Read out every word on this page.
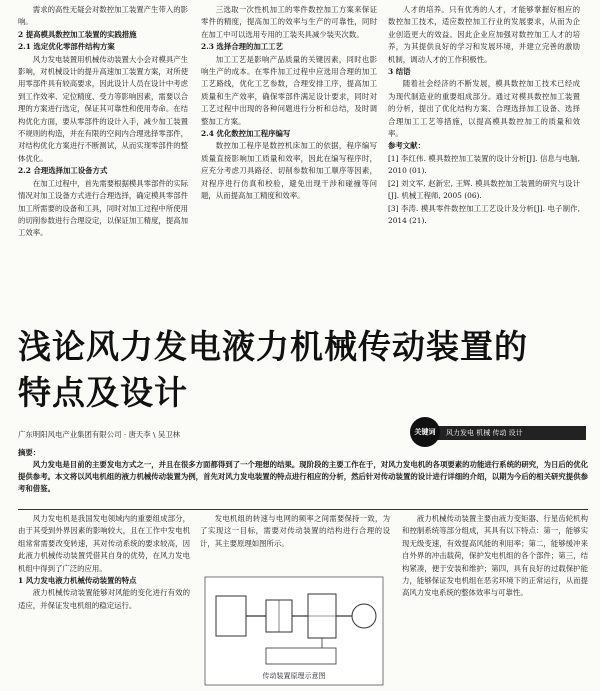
需求的高性无疑会对数控加工装置产生带入的影响。

2 提高模具数控加工装置的实践措施

2.1 选定优化零部件结构方案

风力发电装置用机械传动装置大小会对模具产生影响，对机械设计的提升高速加工装置方案，对所使用零部件具有较高要求，因此设计人员在设计中考虑到工作效率、定位精度、受力等影响因素，需要以合理的方案进行选定，保证其可靠性和使用寿命。在结构优化方面，要从零部件的设计入手，减少加工装置不规则的构造，并在有限的空间内合理选择零部件，对结构优化方案进行不断测试，从而实现零部件的整体优化。

2.2 合理选择加工设备方式

在加工过程中，首先需要根据模具零部件的实际情况对加工设备方式进行合理选择，确定模具零部件加工所需要的设备和工具，同时对加工过程中所使用的切削参数进行合理设定，以保证加工精度，提高加工效率。

三选取一次性机加工的零件数控加工方案来保证零件的精度，提高加工的效率与生产的可靠性，同时在加工中可以选用专用的工装夹具减少装夹次数。

2.3 选择合理的加工工艺

加工工艺是影响产品质量的关键因素，同时也影响生产的成本。在零件加工过程中应选用合理的加工工艺路线，优化工艺参数，合理安排工序，提高加工质量和生产效率，确保零部件满足设计要求，同时对工艺过程中出现的各种问题进行分析和总结，及时调整加工方案。

2.4 优化数控加工程序编写

数控加工程序是数控机床加工的依据，程序编写质量直接影响加工质量和效率，因此在编写程序时，应充分考虑刀具路径、切削参数和加工顺序等因素，对程序进行仿真和校验，避免出现干涉和碰撞等问题，从而提高加工精度和效率。

人才的培养。只有优秀的人才，才能够掌握好相应的数控加工技术，适应数控加工行业的发展要求，从而为企业创造更大的效益。因此企业应加强对数控加工人才的培养，为其提供良好的学习和发展环境，并建立完善的激励机制，调动人才的工作积极性。

3 结语

随着社会经济的不断发展，模具数控加工技术已经成为现代制造业的重要组成部分。通过对模具数控加工装置的分析，提出了优化结构方案、合理选择加工设备、选择合理加工工艺等措施，以提高模具数控加工的质量和效率。

参考文献：

[1] 李红伟. 模具数控加工装置的设计分析[J]. 信息与电脑, 2010 (01).

[2] 刘文军, 赵新宏, 王辉. 模具数控加工装置的研究与设计[J]. 机械工程师, 2005 (06).

[3] 李涛. 模具零件数控加工工艺设计及分析[J]. 电子制作, 2014 (21).

浅论风力发电液力机械传动装置的
特点及设计
广东明阳风电产业集团有限公司 · 唐天李 \ 吴卫林	关键词	风力发电 机械 传动 设计

摘要：
风力发电是目前的主要发电方式之一，并且在很多方面都得到了一个理想的结果。现阶段的主要工作在于，对风力发电机的各项要素的功能进行系统的研究，为日后的优化提供参考。本文将以风电机组的液力机械传动装置为例，首先对风力发电装置的特点进行相应的分析，然后针对传动装置的设计进行详细的介绍，以期为今后的相关研究提供参考和借鉴。

风力发电机是我国发电领域内的重要组成部分，由于其受到外界因素的影响较大，且在工作中发电机组常常需要改变转速，其对传动系统的要求较高，因此液力机械传动装置凭借其自身的优势，在风力发电机组中得到了广泛的应用。

1 风力发电液力机械传动装置的特点

液力机械传动装置能够对风能的变化进行有效的适应，并保证发电机组的稳定运行。

发电机组的转速与电网的频率之间需要保持一致，为了实现这一目标，需要对传动装置的结构进行合理的设计，其主要原理如图所示。

液力机械传动装置主要由液力变矩器、行星齿轮机构和控制系统等部分组成，其具有以下特点：第一，能够实现无级变速，有效提高风能的利用率；第二，能够缓冲来自外界的冲击载荷，保护发电机组的各个部件；第三，结构紧凑，便于安装和维护；第四，具有良好的过载保护能力，能够保证发电机组在恶劣环境下的正常运行，从而提高风力发电系统的整体效率与可靠性。

传动装置原理示意图
